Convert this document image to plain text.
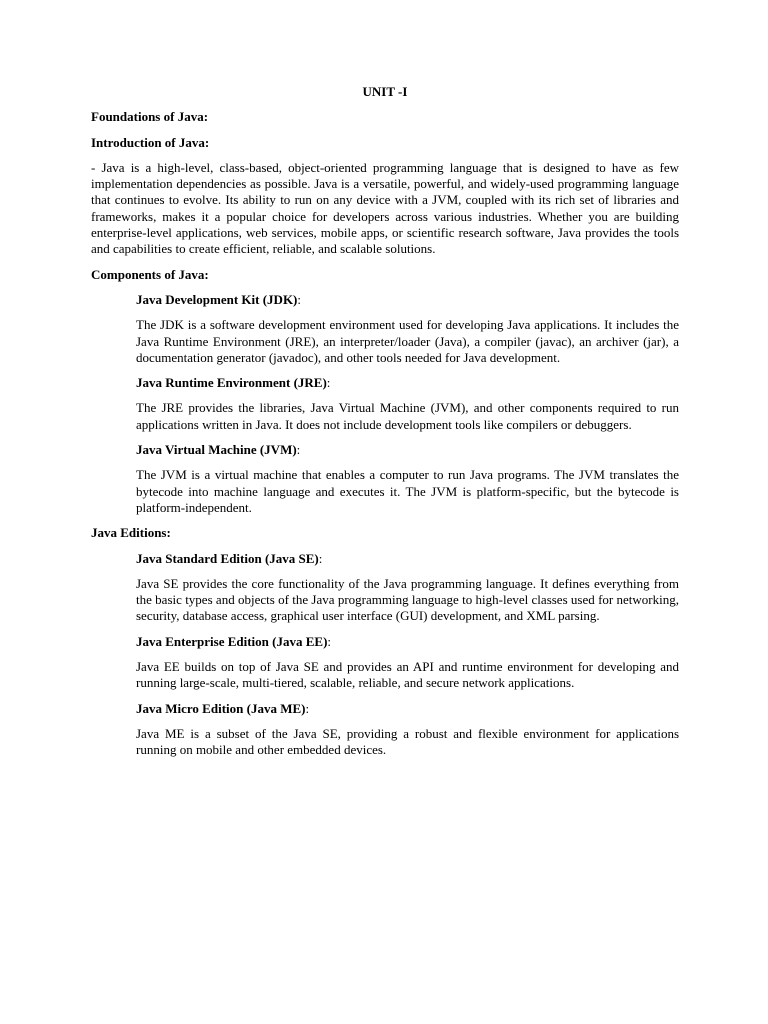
UNIT -I
Foundations of Java:
Introduction of Java:

- Java is a high-level, class-based, object-oriented programming language that is designed to have as few implementation dependencies as possible. Java is a versatile, powerful, and widely-used programming language that continues to evolve. Its ability to run on any device with a JVM, coupled with its rich set of libraries and frameworks, makes it a popular choice for developers across various industries. Whether you are building enterprise-level applications, web services, mobile apps, or scientific research software, Java provides the tools and capabilities to create efficient, reliable, and scalable solutions.

Components of Java:

Java Development Kit (JDK):

The JDK is a software development environment used for developing Java applications. It includes the Java Runtime Environment (JRE), an interpreter/loader (Java), a compiler (javac), an archiver (jar), a documentation generator (javadoc), and other tools needed for Java development.

Java Runtime Environment (JRE):

The JRE provides the libraries, Java Virtual Machine (JVM), and other components required to run applications written in Java. It does not include development tools like compilers or debuggers.

Java Virtual Machine (JVM):

The JVM is a virtual machine that enables a computer to run Java programs. The JVM translates the bytecode into machine language and executes it. The JVM is platform-specific, but the bytecode is platform-independent.

Java Editions:

Java Standard Edition (Java SE):

Java SE provides the core functionality of the Java programming language. It defines everything from the basic types and objects of the Java programming language to high-level classes used for networking, security, database access, graphical user interface (GUI) development, and XML parsing.

Java Enterprise Edition (Java EE):

Java EE builds on top of Java SE and provides an API and runtime environment for developing and running large-scale, multi-tiered, scalable, reliable, and secure network applications.

Java Micro Edition (Java ME):

Java ME is a subset of the Java SE, providing a robust and flexible environment for applications running on mobile and other embedded devices.
